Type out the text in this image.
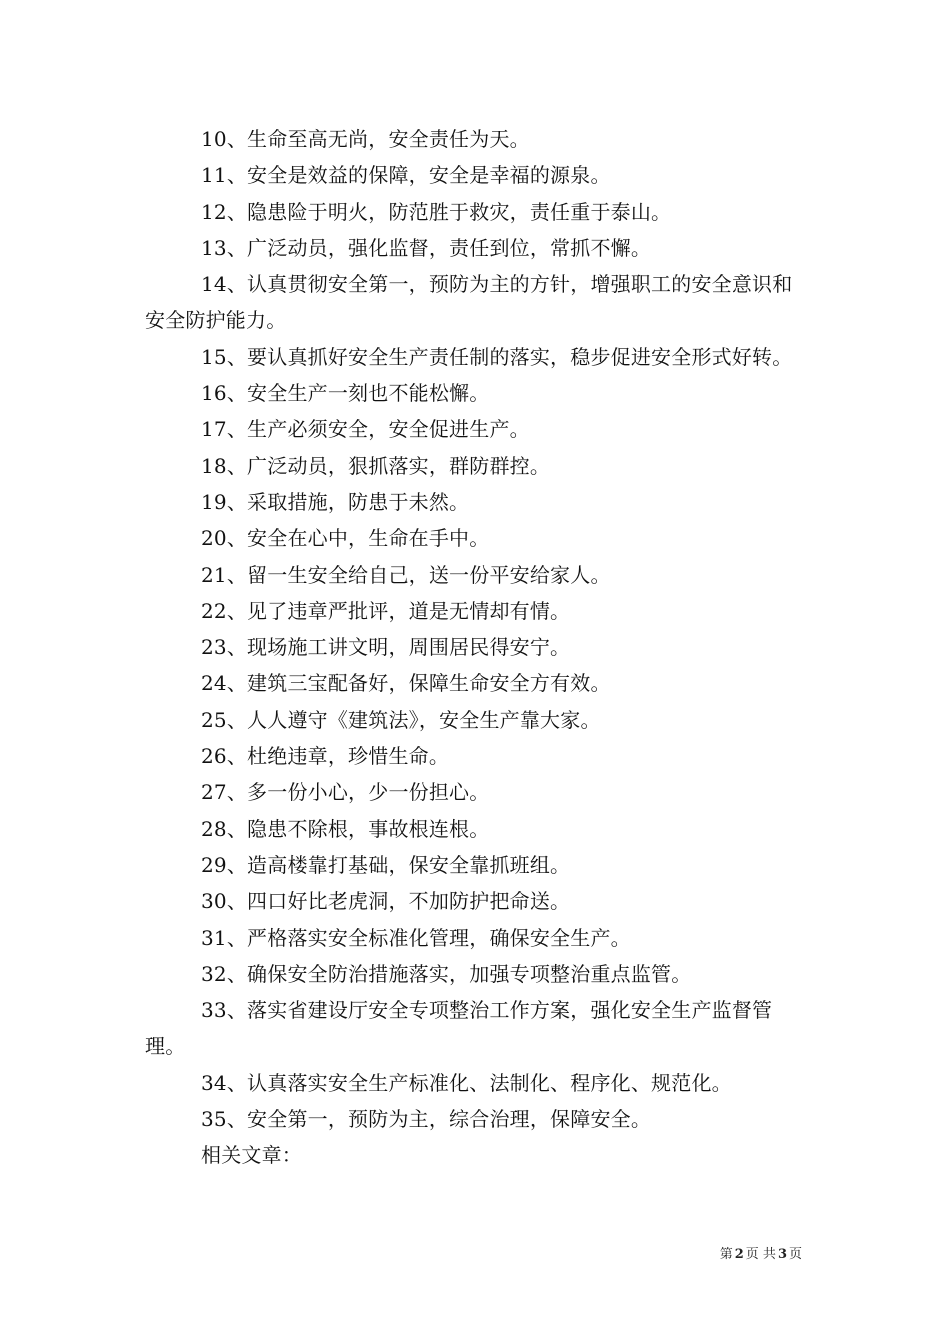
10、生命至高无尚，安全责任为天。

11、安全是效益的保障，安全是幸福的源泉。

12、隐患险于明火，防范胜于救灾，责任重于泰山。

13、广泛动员，强化监督，责任到位，常抓不懈。

14、认真贯彻安全第一，预防为主的方针，增强职工的安全意识和安全防护能力。

15、要认真抓好安全生产责任制的落实，稳步促进安全形式好转。

16、安全生产一刻也不能松懈。

17、生产必须安全，安全促进生产。

18、广泛动员，狠抓落实，群防群控。

19、采取措施，防患于未然。

20、安全在心中，生命在手中。

21、留一生安全给自己，送一份平安给家人。

22、见了违章严批评，道是无情却有情。

23、现场施工讲文明，周围居民得安宁。

24、建筑三宝配备好，保障生命安全方有效。

25、人人遵守《建筑法》，安全生产靠大家。

26、杜绝违章，珍惜生命。

27、多一份小心，少一份担心。

28、隐患不除根，事故根连根。

29、造高楼靠打基础，保安全靠抓班组。

30、四口好比老虎洞，不加防护把命送。

31、严格落实安全标准化管理，确保安全生产。

32、确保安全防治措施落实，加强专项整治重点监管。

33、落实省建设厅安全专项整治工作方案，强化安全生产监督管理。

34、认真落实安全生产标准化、法制化、程序化、规范化。

35、安全第一，预防为主，综合治理，保障安全。

相关文章：

第 2 页 共 3 页
